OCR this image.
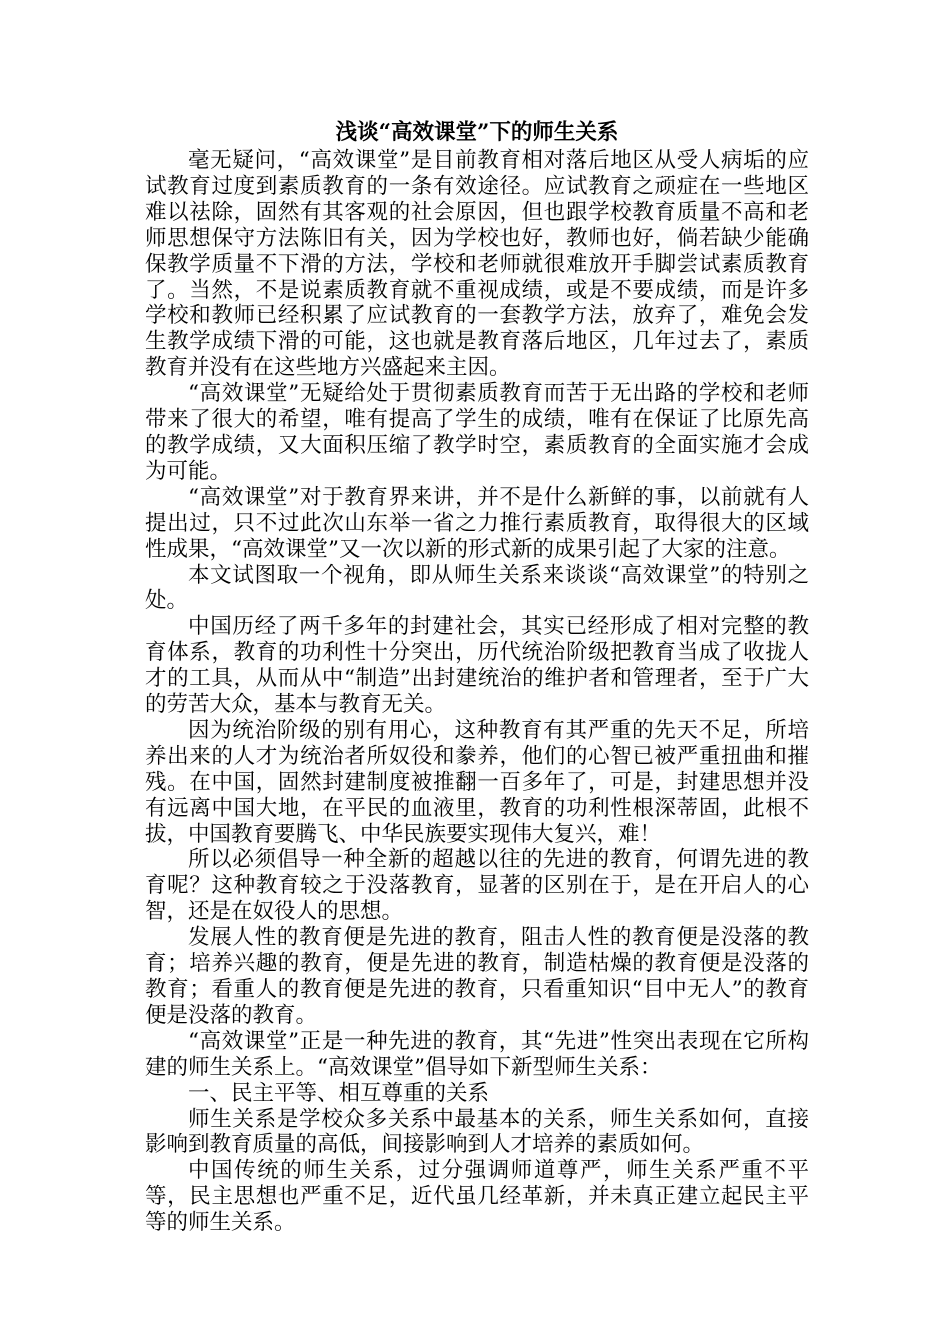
浅谈“高效课堂”下的师生关系

毫无疑问，“高效课堂”是目前教育相对落后地区从受人病垢的应试教育过度到素质教育的一条有效途径。应试教育之顽症在一些地区难以祛除，固然有其客观的社会原因，但也跟学校教育质量不高和老师思想保守方法陈旧有关，因为学校也好，教师也好，倘若缺少能确保教学质量不下滑的方法，学校和老师就很难放开手脚尝试素质教育了。当然，不是说素质教育就不重视成绩，或是不要成绩，而是许多学校和教师已经积累了应试教育的一套教学方法，放弃了，难免会发生教学成绩下滑的可能，这也就是教育落后地区，几年过去了，素质教育并没有在这些地方兴盛起来主因。

“高效课堂”无疑给处于贯彻素质教育而苦于无出路的学校和老师带来了很大的希望，唯有提高了学生的成绩，唯有在保证了比原先高的教学成绩，又大面积压缩了教学时空，素质教育的全面实施才会成为可能。

“高效课堂”对于教育界来讲，并不是什么新鲜的事，以前就有人提出过，只不过此次山东举一省之力推行素质教育，取得很大的区域性成果，“高效课堂”又一次以新的形式新的成果引起了大家的注意。

本文试图取一个视角，即从师生关系来谈谈“高效课堂”的特别之处。

中国历经了两千多年的封建社会，其实已经形成了相对完整的教育体系，教育的功利性十分突出，历代统治阶级把教育当成了收拢人才的工具，从而从中“制造”出封建统治的维护者和管理者，至于广大的劳苦大众，基本与教育无关。

因为统治阶级的别有用心，这种教育有其严重的先天不足，所培养出来的人才为统治者所奴役和豢养，他们的心智已被严重扭曲和摧残。在中国，固然封建制度被推翻一百多年了，可是，封建思想并没有远离中国大地，在平民的血液里，教育的功利性根深蒂固，此根不拔，中国教育要腾飞、中华民族要实现伟大复兴，难！

所以必须倡导一种全新的超越以往的先进的教育，何谓先进的教育呢？这种教育较之于没落教育，显著的区别在于，是在开启人的心智，还是在奴役人的思想。

发展人性的教育便是先进的教育，阻击人性的教育便是没落的教育；培养兴趣的教育，便是先进的教育，制造枯燥的教育便是没落的教育；看重人的教育便是先进的教育，只看重知识“目中无人”的教育便是没落的教育。

“高效课堂”正是一种先进的教育，其“先进”性突出表现在它所构建的师生关系上。“高效课堂”倡导如下新型师生关系：

一、民主平等、相互尊重的关系

师生关系是学校众多关系中最基本的关系，师生关系如何，直接影响到教育质量的高低，间接影响到人才培养的素质如何。

中国传统的师生关系，过分强调师道尊严，师生关系严重不平等，民主思想也严重不足，近代虽几经革新，并未真正建立起民主平等的师生关系。
